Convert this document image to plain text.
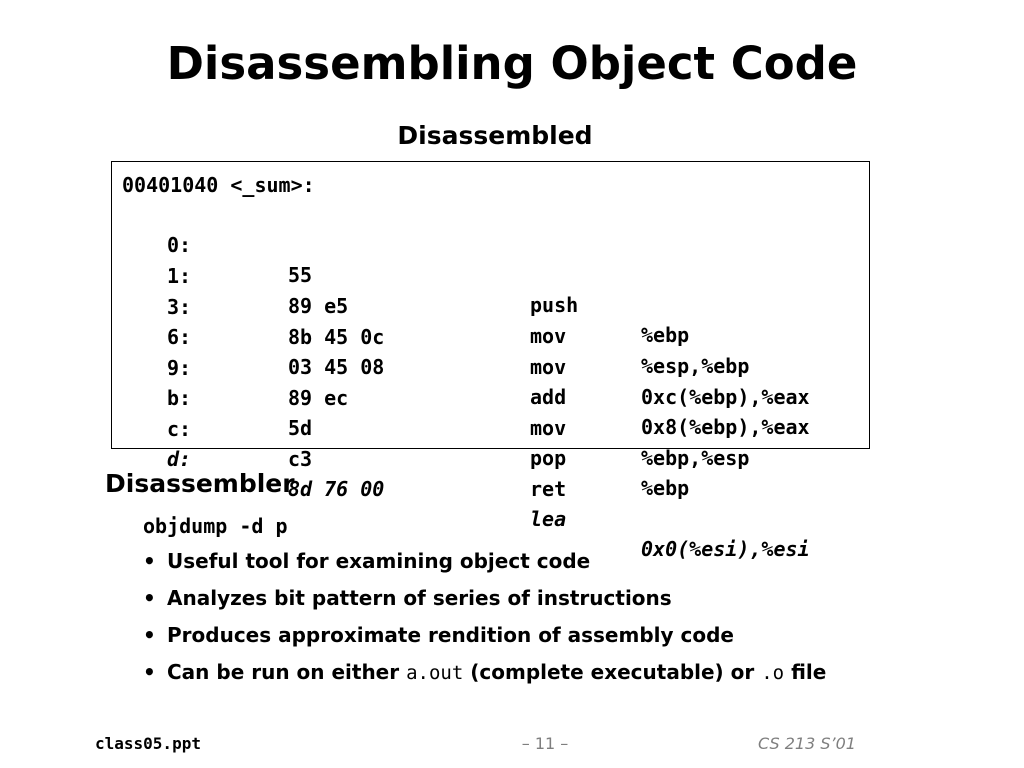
Disassembling Object Code
Disassembled
00401040 <_sum>:

0:

55

push

%ebp

1:

89 e5

mov

%esp,%ebp

3:

8b 45 0c

mov

0xc(%ebp),%eax

6:

03 45 08

add

0x8(%ebp),%eax

9:

89 ec

mov

%ebp,%esp

b:

5d

pop

%ebp

c:

c3

ret

d:

8d 76 00

lea

0x0(%esi),%esi

Disassembler
objdump -d p
• Useful tool for examining object code
• Analyzes bit pattern of series of instructions
• Produces approximate rendition of assembly code
• Can be run on either a.out (complete executable) or .o file
class05.ppt	– 11 –	CS 213 S’01
